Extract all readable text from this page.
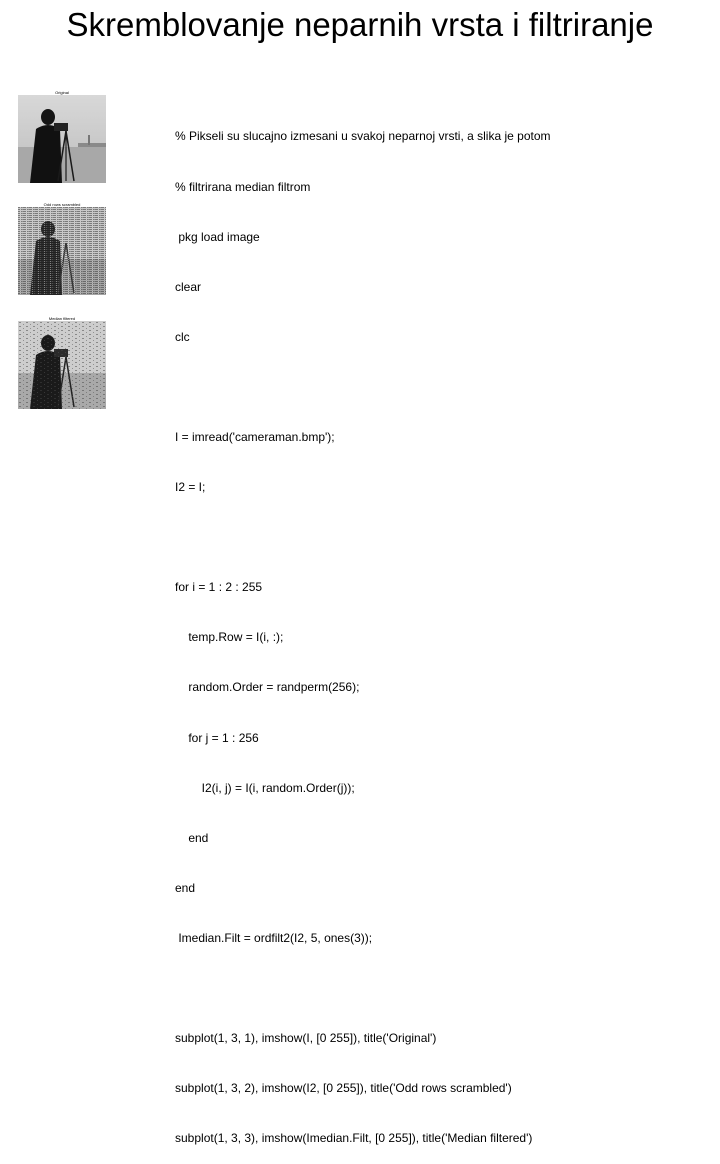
Skremblovanje neparnih vrsta i filtriranje
Original
Odd rows scrambled
Median filtered

% Pikseli su slucajno izmesani u svakoj neparnoj vrsti, a slika je potom

% filtrirana median filtrom

pkg load image

clear

clc

I = imread('cameraman.bmp');

I2 = I;

for i = 1 : 2 : 255

temp.Row = I(i, :);

random.Order = randperm(256);

for j = 1 : 256

I2(i, j) = I(i, random.Order(j));

end

end

Imedian.Filt = ordfilt2(I2, 5, ones(3));

subplot(1, 3, 1), imshow(I, [0 255]), title('Original')

subplot(1, 3, 2), imshow(I2, [0 255]), title('Odd rows scrambled')

subplot(1, 3, 3), imshow(Imedian.Filt, [0 255]), title('Median filtered')
